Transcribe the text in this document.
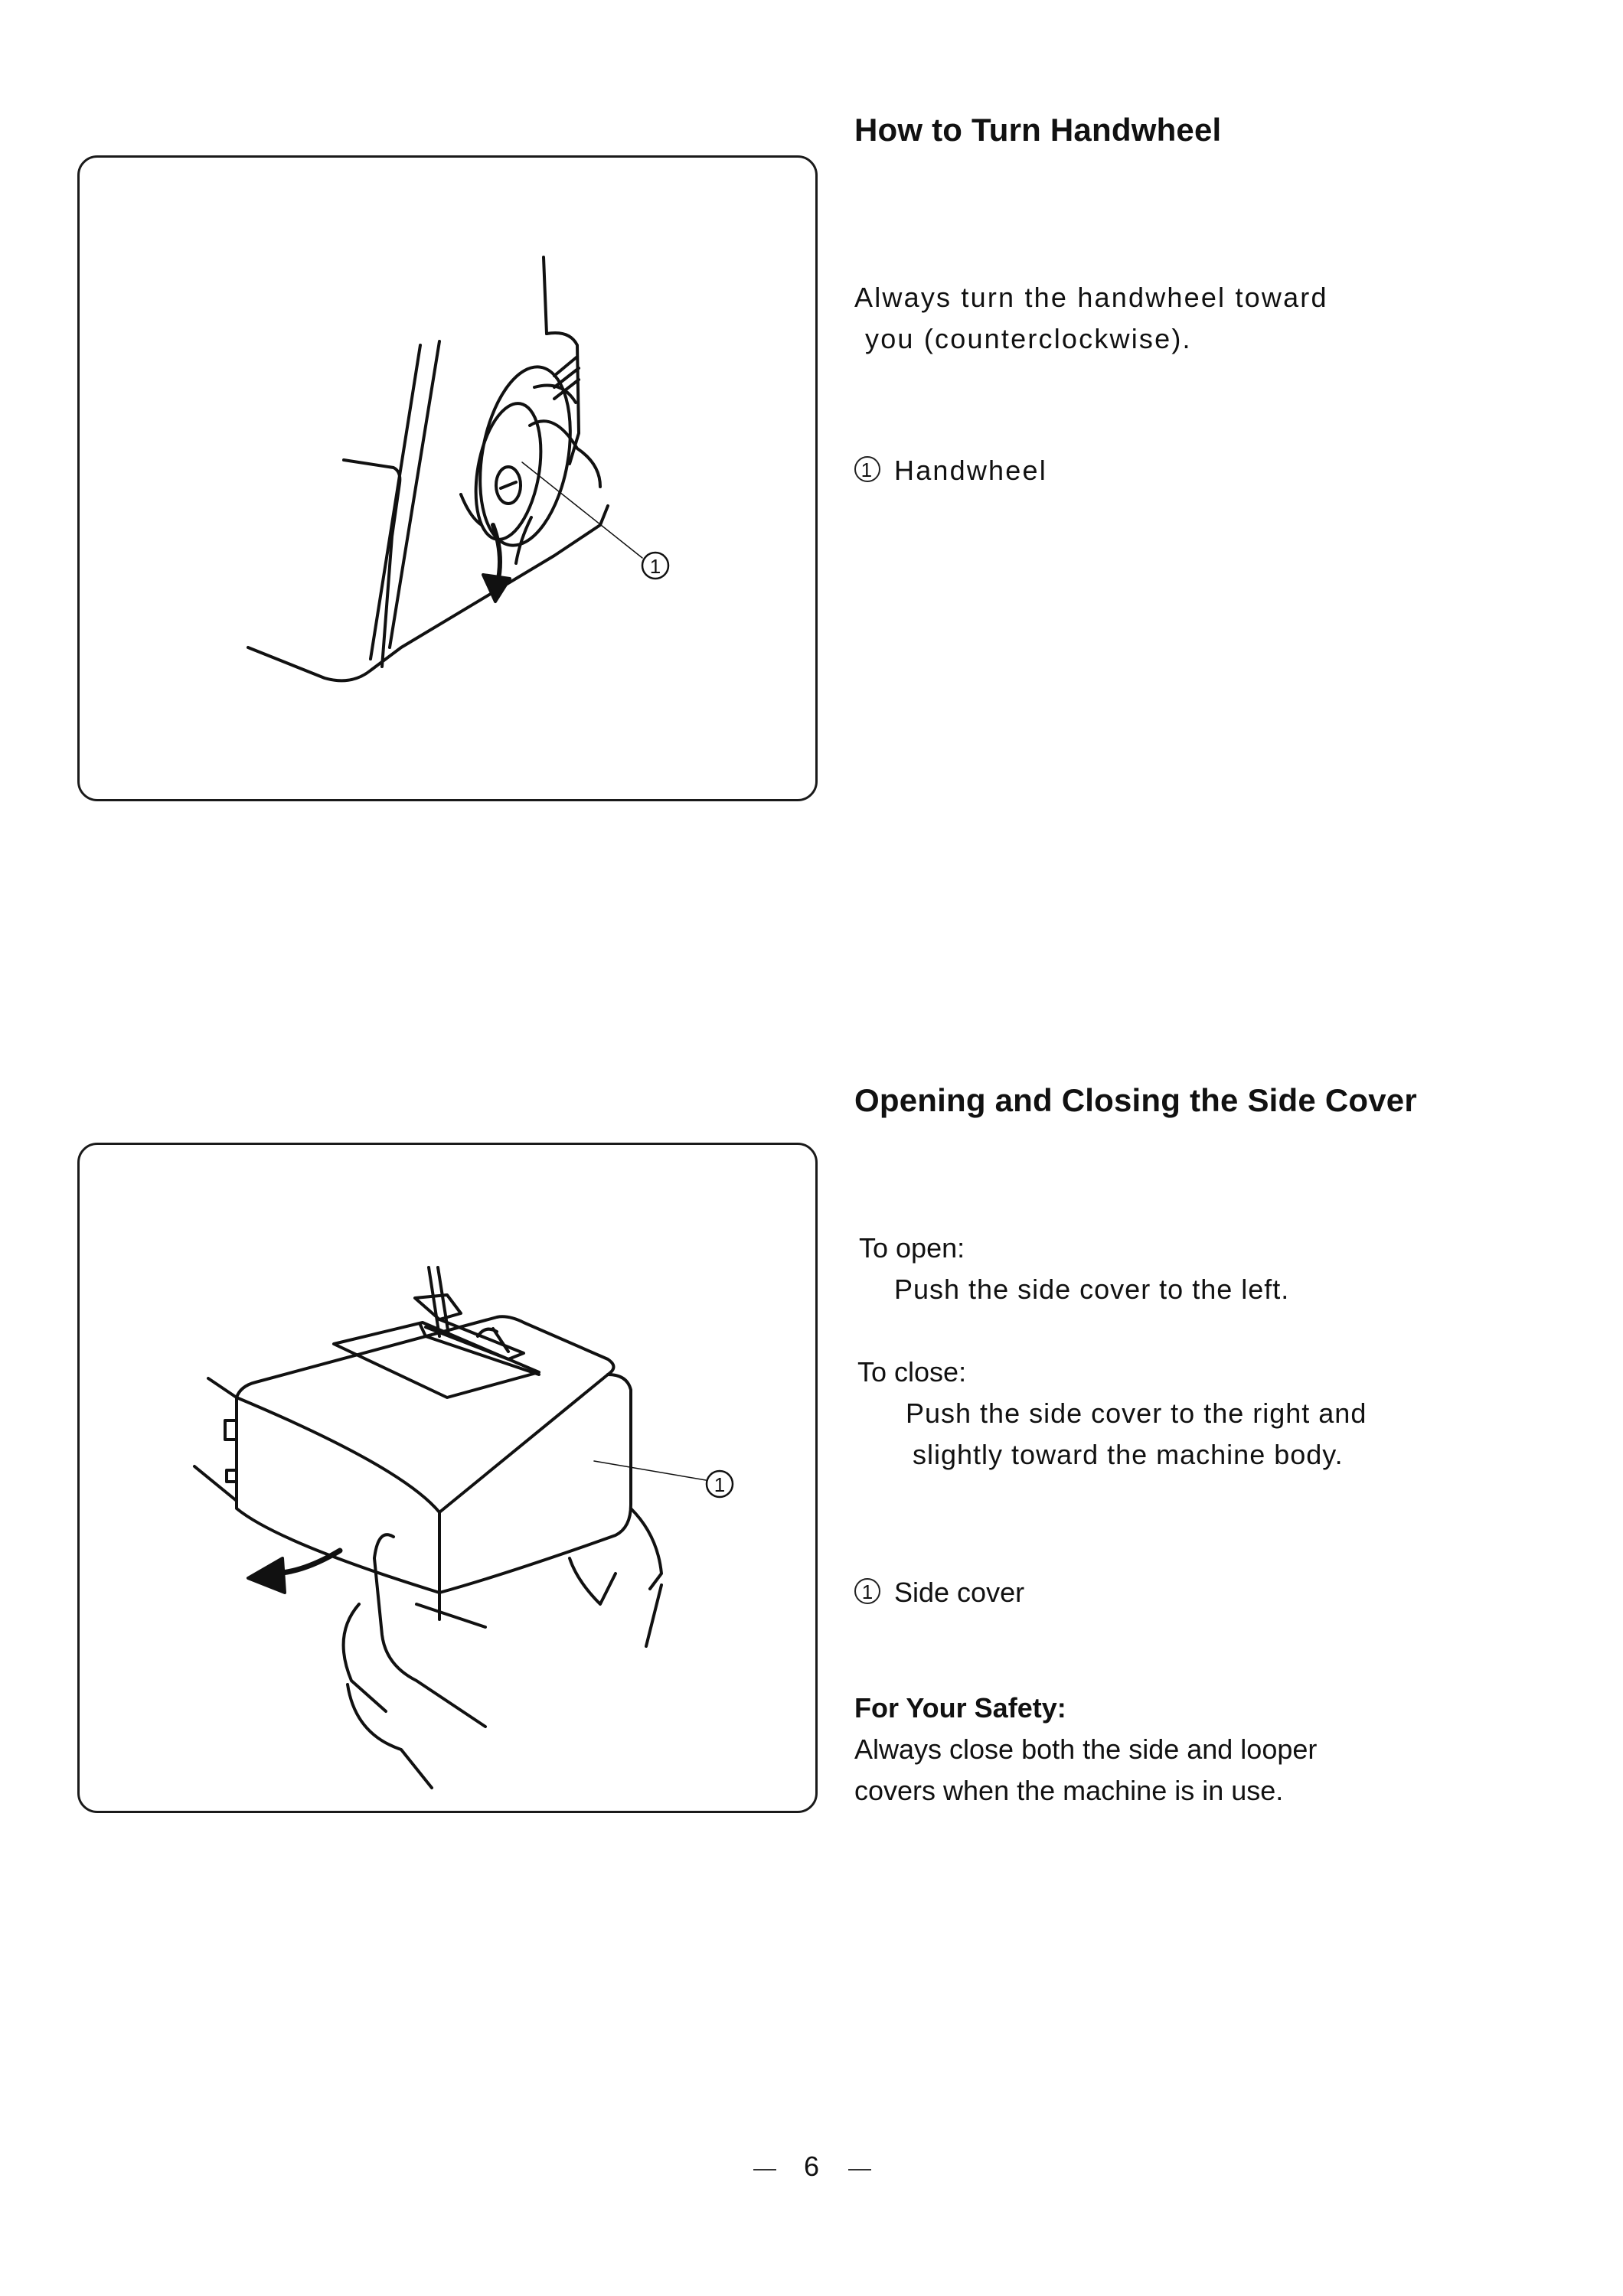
1
How to Turn Handwheel
Always turn the handwheel toward
you (counterclockwise).
1 Handwheel
1
Opening and Closing the Side Cover
To open:
Push the side cover to the left.
To close:
Push the side cover to the right and
slightly toward the machine body.
1 Side cover
For Your Safety:
Always close both the side and looper
covers when the machine is in use.
6
